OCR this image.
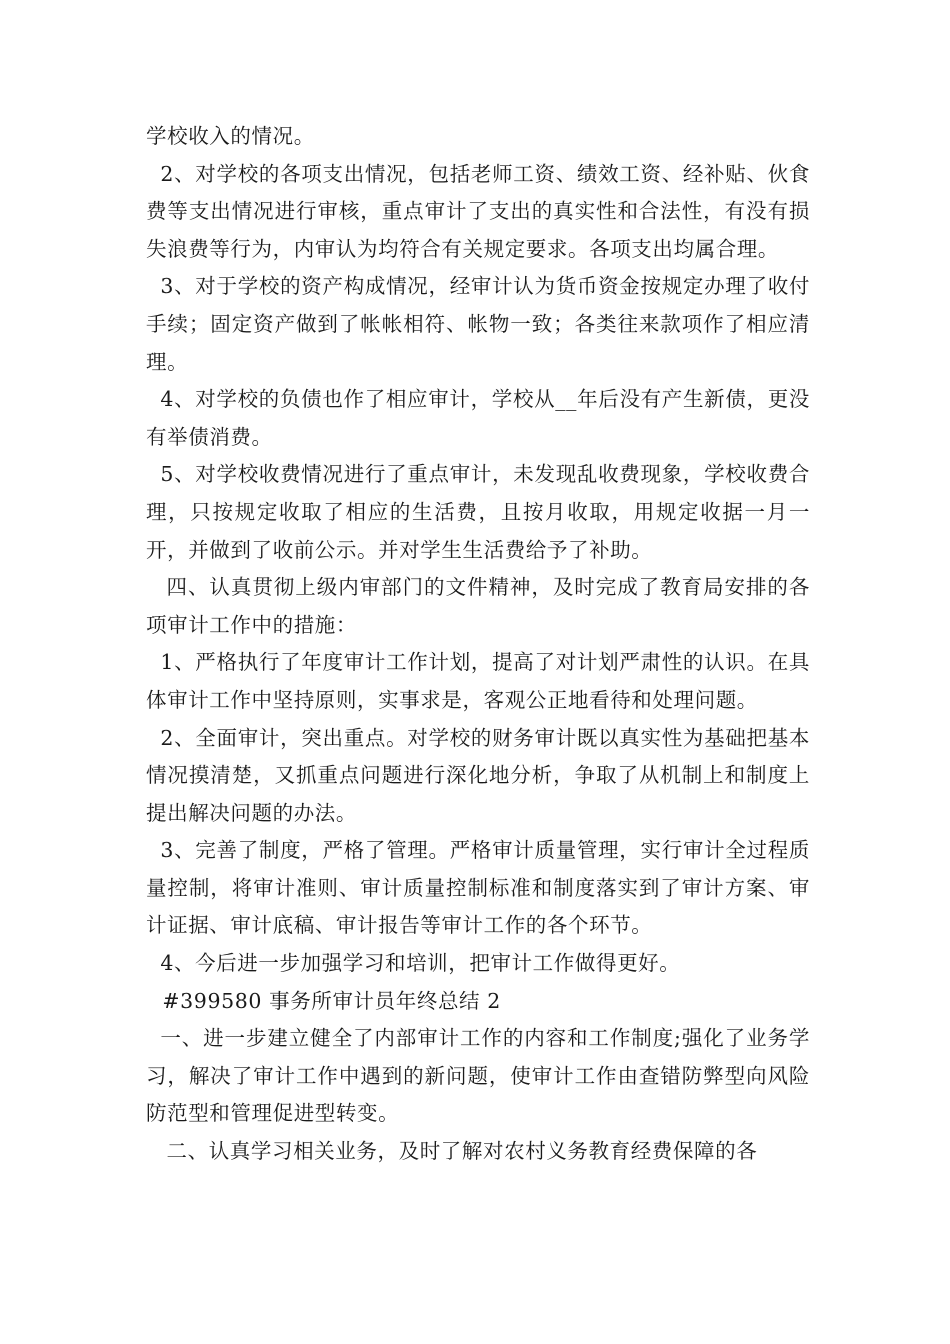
学校收入的情况。

2、对学校的各项支出情况，包括老师工资、绩效工资、经补贴、伙食费等支出情况进行审核，重点审计了支出的真实性和合法性，有没有损失浪费等行为，内审认为均符合有关规定要求。各项支出均属合理。

3、对于学校的资产构成情况，经审计认为货币资金按规定办理了收付手续；固定资产做到了帐帐相符、帐物一致；各类往来款项作了相应清理。

4、对学校的负债也作了相应审计，学校从__年后没有产生新债，更没有举债消费。

5、对学校收费情况进行了重点审计，未发现乱收费现象，学校收费合理，只按规定收取了相应的生活费，且按月收取，用规定收据一月一开，并做到了收前公示。并对学生生活费给予了补助。

四、认真贯彻上级内审部门的文件精神，及时完成了教育局安排的各项审计工作中的措施：

1、严格执行了年度审计工作计划，提高了对计划严肃性的认识。在具体审计工作中坚持原则，实事求是，客观公正地看待和处理问题。

2、全面审计，突出重点。对学校的财务审计既以真实性为基础把基本情况摸清楚，又抓重点问题进行深化地分析，争取了从机制上和制度上提出解决问题的办法。

3、完善了制度，严格了管理。严格审计质量管理，实行审计全过程质量控制，将审计准则、审计质量控制标准和制度落实到了审计方案、审计证据、审计底稿、审计报告等审计工作的各个环节。

4、今后进一步加强学习和培训，把审计工作做得更好。

#399580 事务所审计员年终总结 2

一、进一步建立健全了内部审计工作的内容和工作制度;强化了业务学习，解决了审计工作中遇到的新问题，使审计工作由查错防弊型向风险防范型和管理促进型转变。

二、认真学习相关业务，及时了解对农村义务教育经费保障的各
